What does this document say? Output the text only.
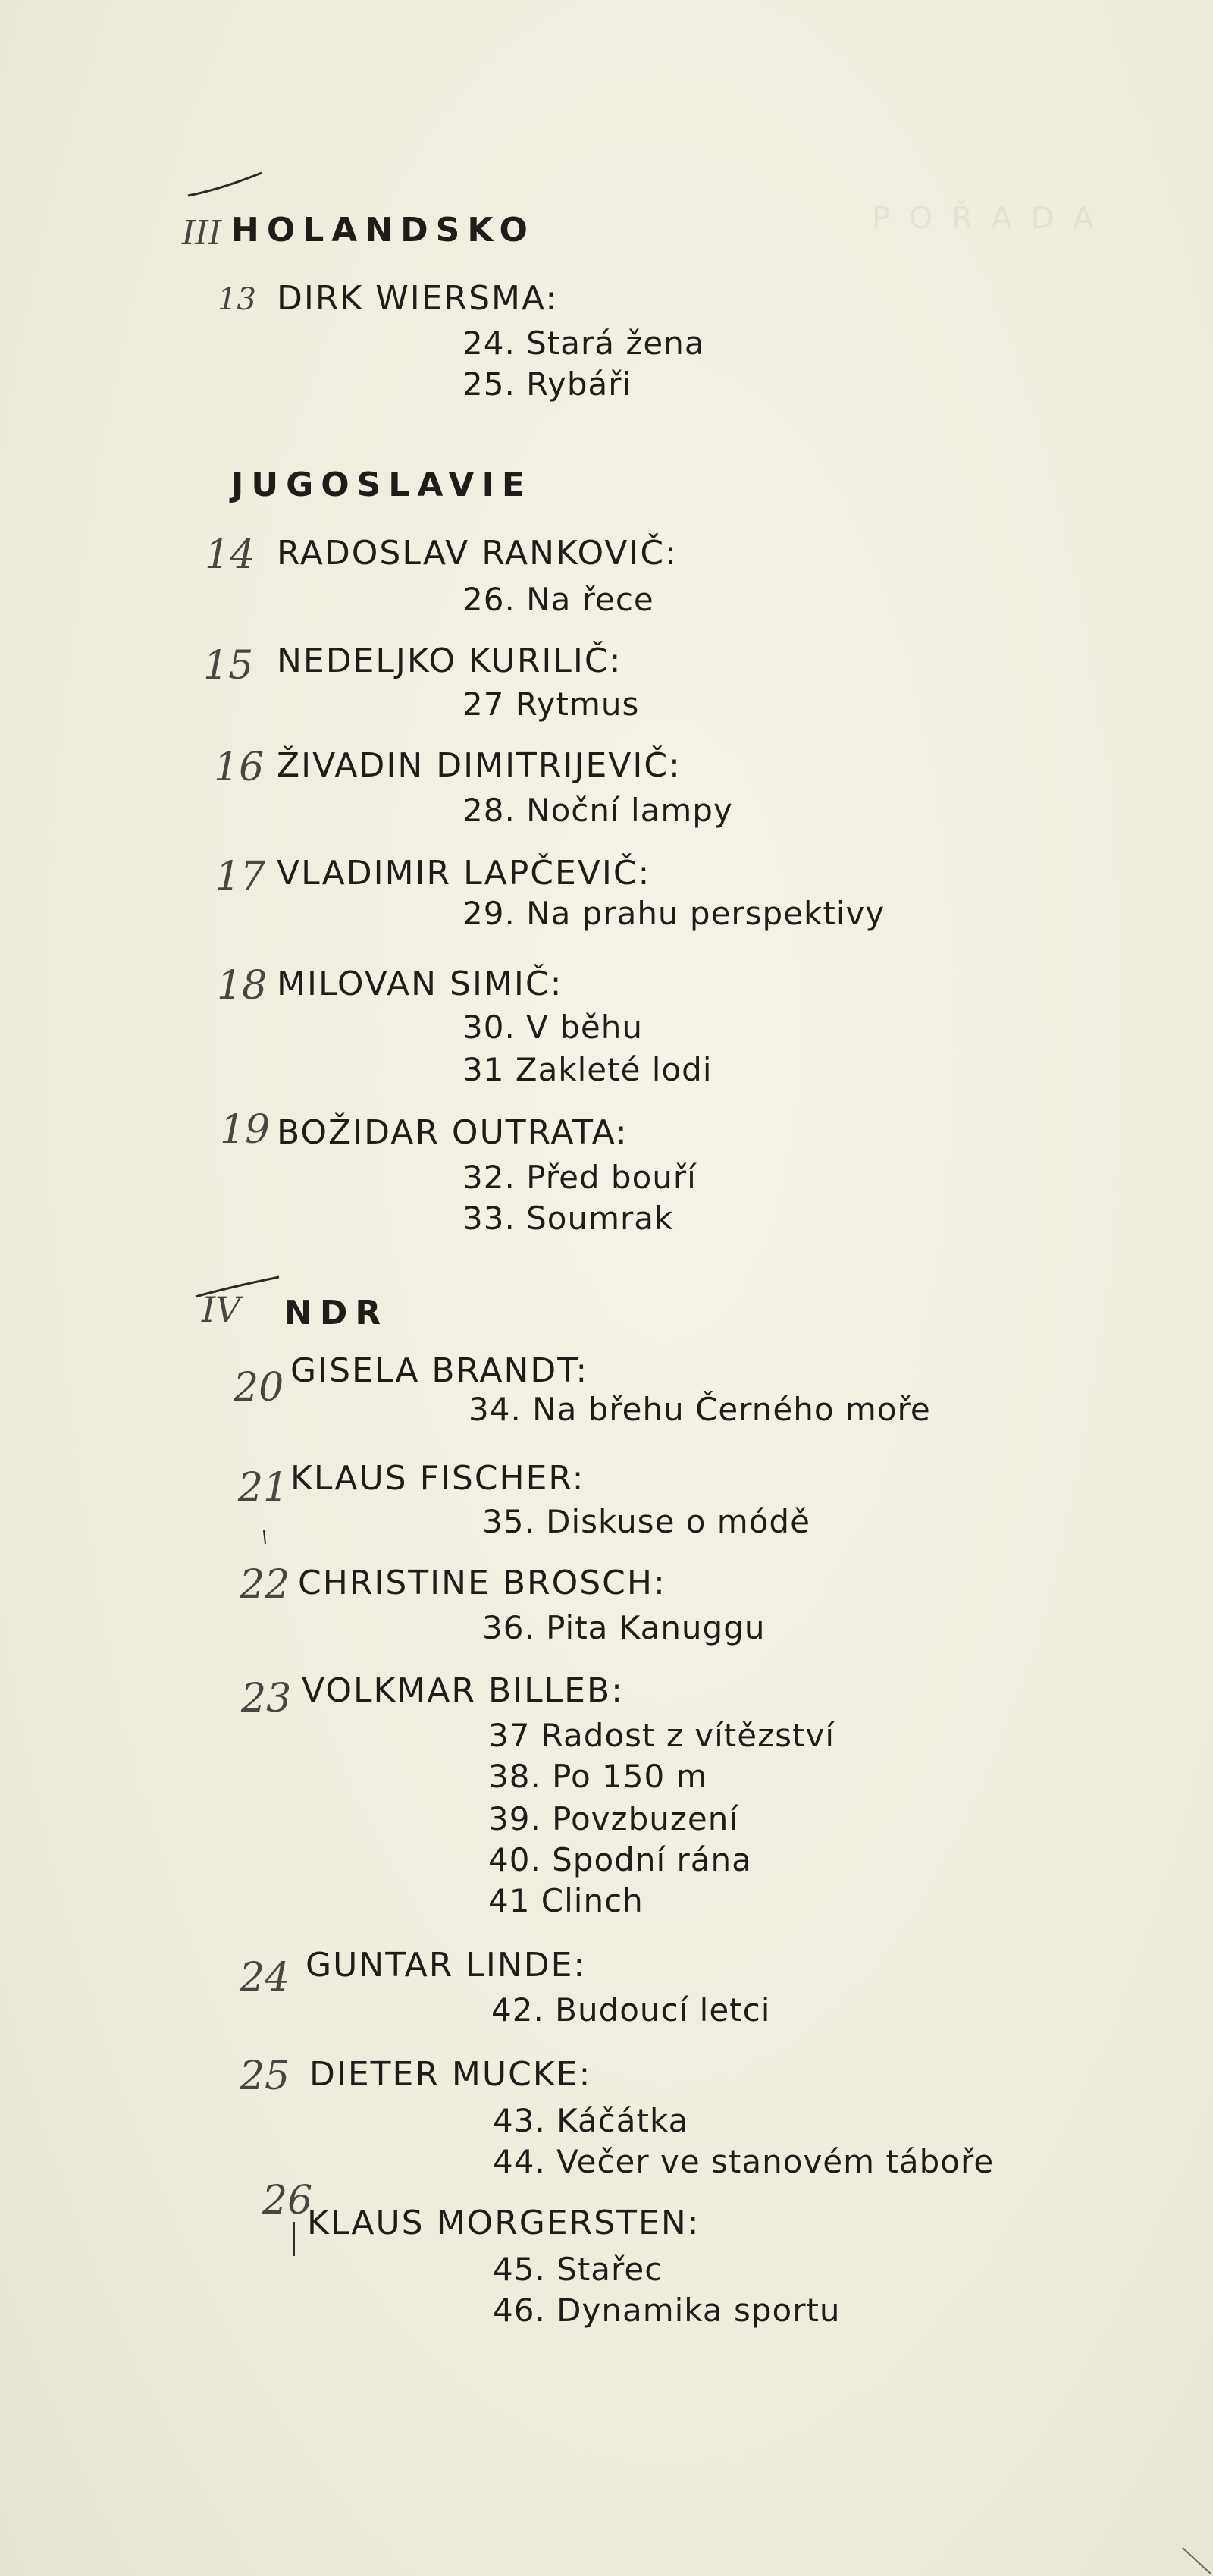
P O Ř A D A
III HOLANDSKO
13 DIRK WIERSMA:
24. Stará žena
25. Rybáři
JUGOSLAVIE
14 RADOSLAV RANKOVIČ:
26. Na řece
15 NEDELJKO KURILIČ:
27 Rytmus
16 ŽIVADIN DIMITRIJEVIČ:
28. Noční lampy
17 VLADIMIR LAPČEVIČ:
29. Na prahu perspektivy
18 MILOVAN SIMIČ:
30. V běhu
31 Zakleté lodi
19 BOŽIDAR OUTRATA:
32. Před bouří
33. Soumrak
IV NDR
20 GISELA BRANDT:
34. Na břehu Černého moře
21 KLAUS FISCHER:
35. Diskuse o módě
22 CHRISTINE BROSCH:
36. Pita Kanuggu
23 VOLKMAR BILLEB:
37 Radost z vítězství
38. Po 150 m
39. Povzbuzení
40. Spodní rána
41 Clinch
24 GUNTAR LINDE:
42. Budoucí letci
25 DIETER MUCKE:
43. Káčátka
44. Večer ve stanovém táboře
26
KLAUS MORGERSTEN:
45. Stařec
46. Dynamika sportu
